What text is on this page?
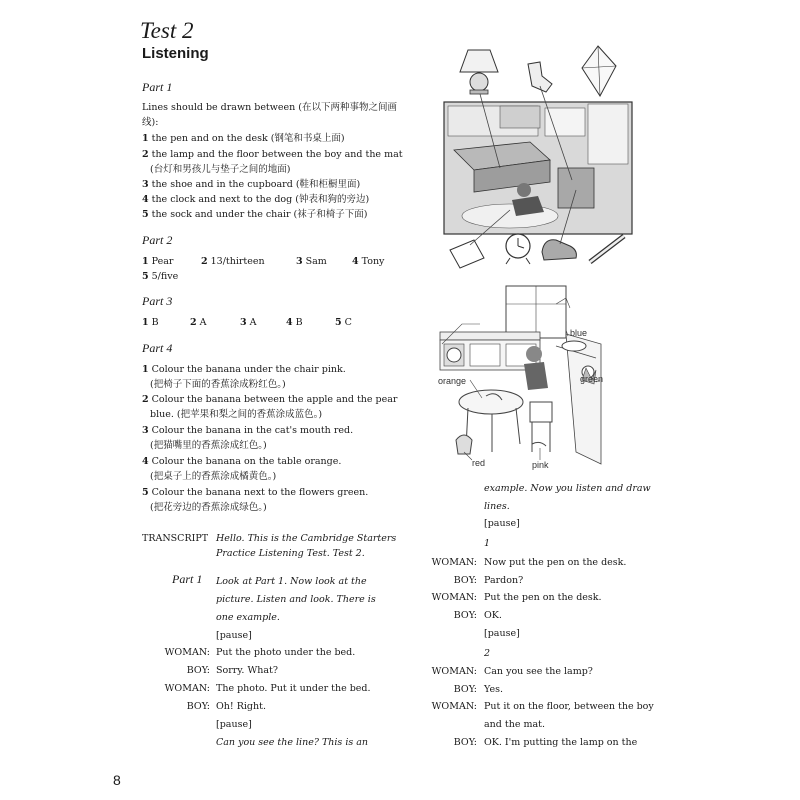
Test 2
Listening
Part 1
Lines should be drawn between (在以下两种事物之间画
线):
1 the pen and on the desk (钢笔和书桌上面)
2 the lamp and the floor between the boy and the mat
(台灯和男孩儿与垫子之间的地面)
3 the shoe and in the cupboard (鞋和柜橱里面)
4 the clock and next to the dog (钟表和狗的旁边)
5 the sock and under the chair (袜子和椅子下面)
Part 2
1 Pear	2 13/thirteen	3 Sam	4 Tony
5 5/five
Part 3
1 B	2 A	3 A	4 B	5 C
Part 4
1 Colour the banana under the chair pink.
(把椅子下面的香蕉涂成粉红色。)
2 Colour the banana between the apple and the pear
blue. (把苹果和梨之间的香蕉涂成蓝色。)
3 Colour the banana in the cat's mouth red.
(把猫嘴里的香蕉涂成红色。)
4 Colour the banana on the table orange.
(把桌子上的香蕉涂成橘黄色。)
5 Colour the banana next to the flowers green.
(把花旁边的香蕉涂成绿色。)
TRANSCRIPT Hello. This is the Cambridge Starters
Practice Listening Test. Test 2.
Part 1 Look at Part 1. Now look at the
picture. Listen and look. There is
one example.
[pause]
WOMAN: Put the photo under the bed.
BOY: Sorry. What?
WOMAN: The photo. Put it under the bed.
BOY: Oh! Right.
[pause]
Can you see the line? This is an
example. Now you listen and draw
lines.
[pause]
1
WOMAN: Now put the pen on the desk.
BOY: Pardon?
WOMAN: Put the pen on the desk.
BOY: OK.
[pause]
2
WOMAN: Can you see the lamp?
BOY: Yes.
WOMAN: Put it on the floor, between the boy
and the mat.
BOY: OK. I'm putting the lamp on the
8
blue
green
orange
red	pink
